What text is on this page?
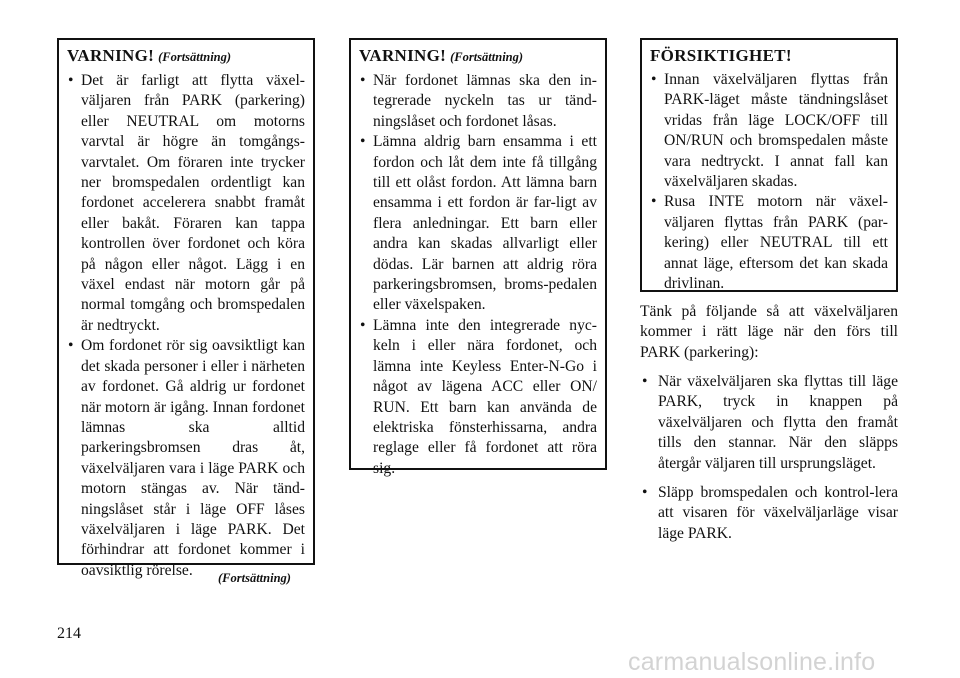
VARNING! (Fortsättning)
• Det är farligt att flytta växel-väljaren från PARK (parkering) eller NEUTRAL om motorns varvtal är högre än tomgångs-varvtalet. Om föraren inte trycker ner bromspedalen ordentligt kan fordonet accelerera snabbt framåt eller bakåt. Föraren kan tappa kontrollen över fordonet och köra på någon eller något. Lägg i en växel endast när motorn går på normal tomgång och bromspedalen är nedtryckt.
• Om fordonet rör sig oavsiktligt kan det skada personer i eller i närheten av fordonet. Gå aldrig ur fordonet när motorn är igång. Innan fordonet lämnas ska alltid parkeringsbromsen dras åt, växelväljaren vara i läge PARK och motorn stängas av. När tänd-ningslåset står i läge OFF låses växelväljaren i läge PARK. Det förhindrar att fordonet kommer i oavsiktlig rörelse.	(Fortsättning)
VARNING! (Fortsättning)
• När fordonet lämnas ska den in-tegrerade nyckeln tas ur tänd-ningslåset och fordonet låsas.
• Lämna aldrig barn ensamma i ett fordon och låt dem inte få tillgång till ett olåst fordon. Att lämna barn ensamma i ett fordon är far-ligt av flera anledningar. Ett barn eller andra kan skadas allvarligt eller dödas. Lär barnen att aldrig röra parkeringsbromsen, broms-pedalen eller växelspaken.
• Lämna inte den integrerade nyc-keln i eller nära fordonet, och lämna inte Keyless Enter-N-Go i något av lägena ACC eller ON/ RUN. Ett barn kan använda de elektriska fönsterhissarna, andra reglage eller få fordonet att röra sig.
FÖRSIKTIGHET!
• Innan växelväljaren flyttas från PARK-läget måste tändningslåset vridas från läge LOCK/OFF till ON/RUN och bromspedalen måste vara nedtryckt. I annat fall kan växelväljaren skadas.
• Rusa INTE motorn när växel-väljaren flyttas från PARK (par-kering) eller NEUTRAL till ett annat läge, eftersom det kan skada drivlinan.

Tänk på följande så att växelväljaren kommer i rätt läge när den förs till PARK (parkering):

• När växelväljaren ska flyttas till läge PARK, tryck in knappen på växelväljaren och flytta den framåt tills den stannar. När den släpps återgår väljaren till ursprungsläget.
• Släpp bromspedalen och kontrol-lera att visaren för växelväljarläge visar läge PARK.
214
carmanualsonline.info
